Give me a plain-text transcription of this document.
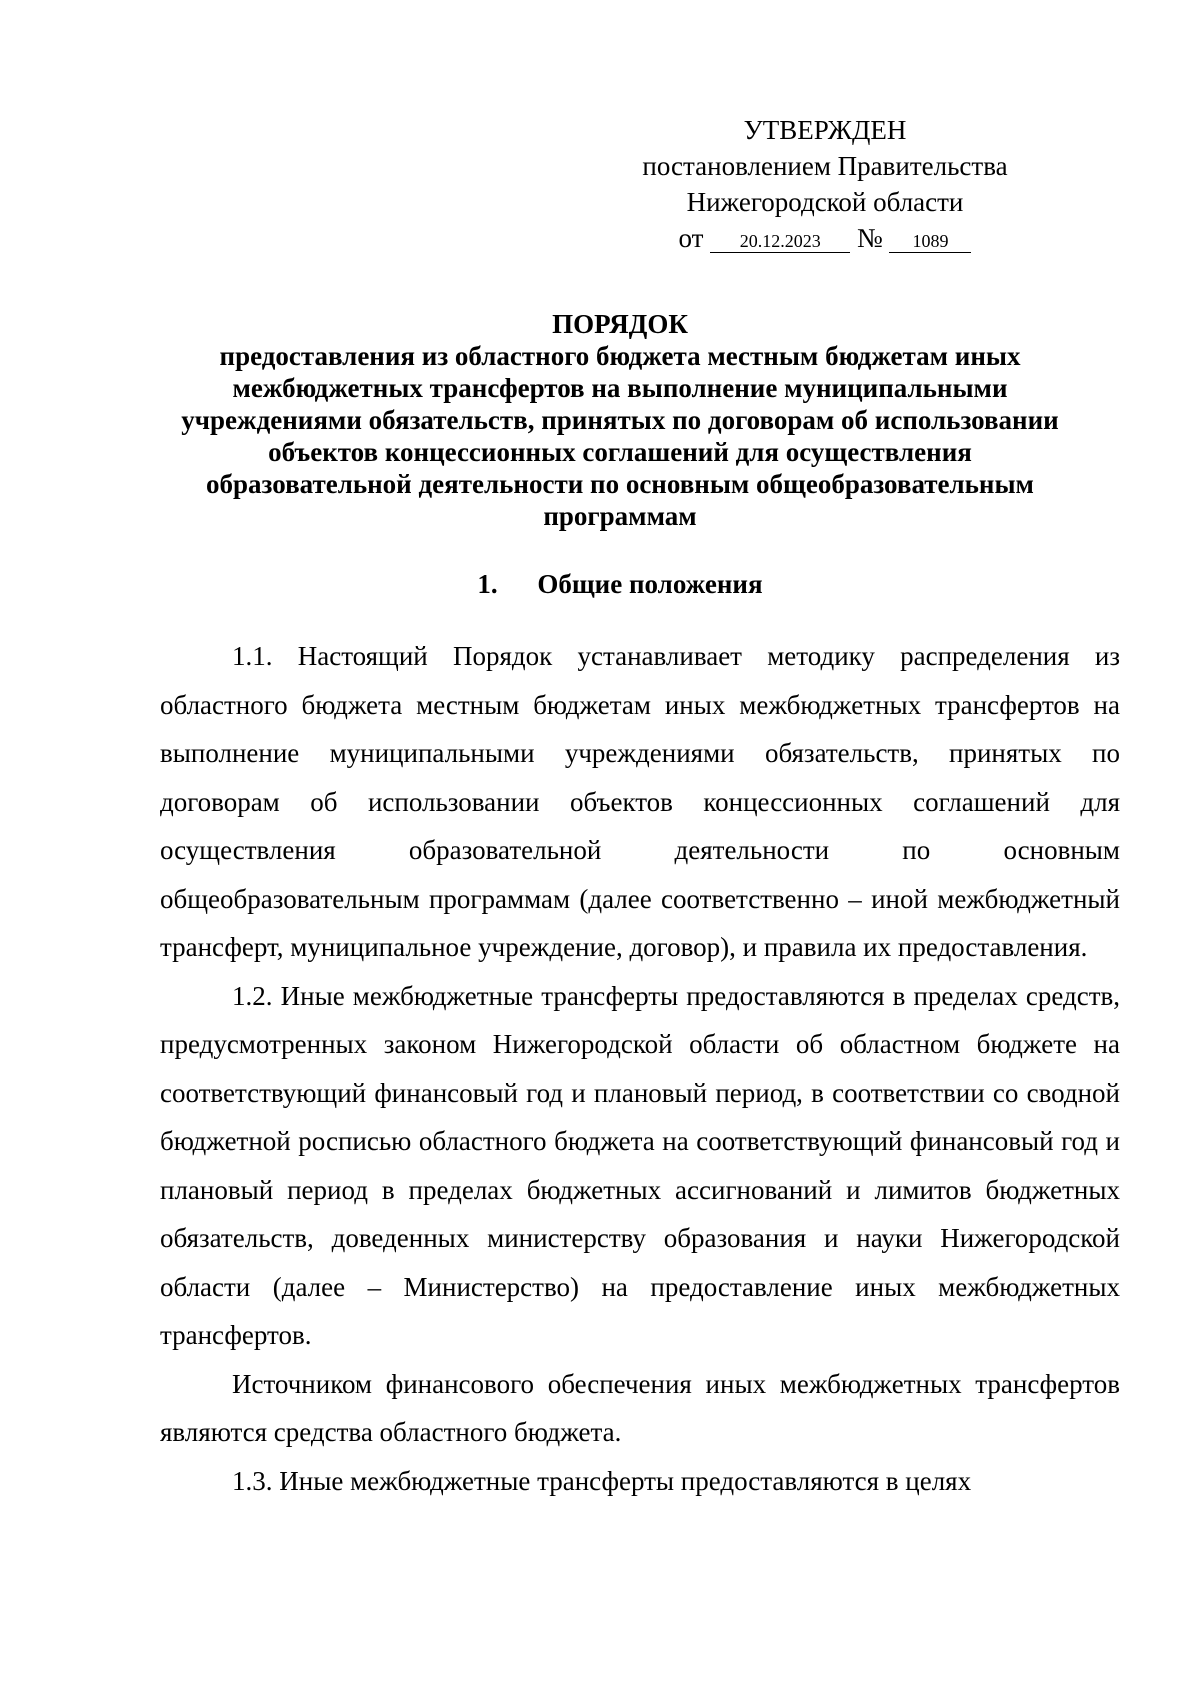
УТВЕРЖДЕН
постановлением Правительства
Нижегородской области
от 20.12.2023 № 1089
ПОРЯДОК
предоставления из областного бюджета местным бюджетам иных
межбюджетных трансфертов на выполнение муниципальными
учреждениями обязательств, принятых по договорам об использовании
объектов концессионных соглашений для осуществления
образовательной деятельности по основным общеобразовательным
программам
1. Общие положения

1.1. Настоящий Порядок устанавливает методику распределения из областного бюджета местным бюджетам иных межбюджетных трансфертов на выполнение муниципальными учреждениями обязательств, принятых по договорам об использовании объектов концессионных соглашений для осуществления образовательной деятельности по основным общеобразовательным программам (далее соответственно – иной межбюджетный трансферт, муниципальное учреждение, договор), и правила их предоставления.

1.2. Иные межбюджетные трансферты предоставляются в пределах средств, предусмотренных законом Нижегородской области об областном бюджете на соответствующий финансовый год и плановый период, в соответствии со сводной бюджетной росписью областного бюджета на соответствующий финансовый год и плановый период в пределах бюджетных ассигнований и лимитов бюджетных обязательств, доведенных министерству образования и науки Нижегородской области (далее – Министерство) на предоставление иных межбюджетных трансфертов.

Источником финансового обеспечения иных межбюджетных трансфертов являются средства областного бюджета.

1.3. Иные межбюджетные трансферты предоставляются в целях
